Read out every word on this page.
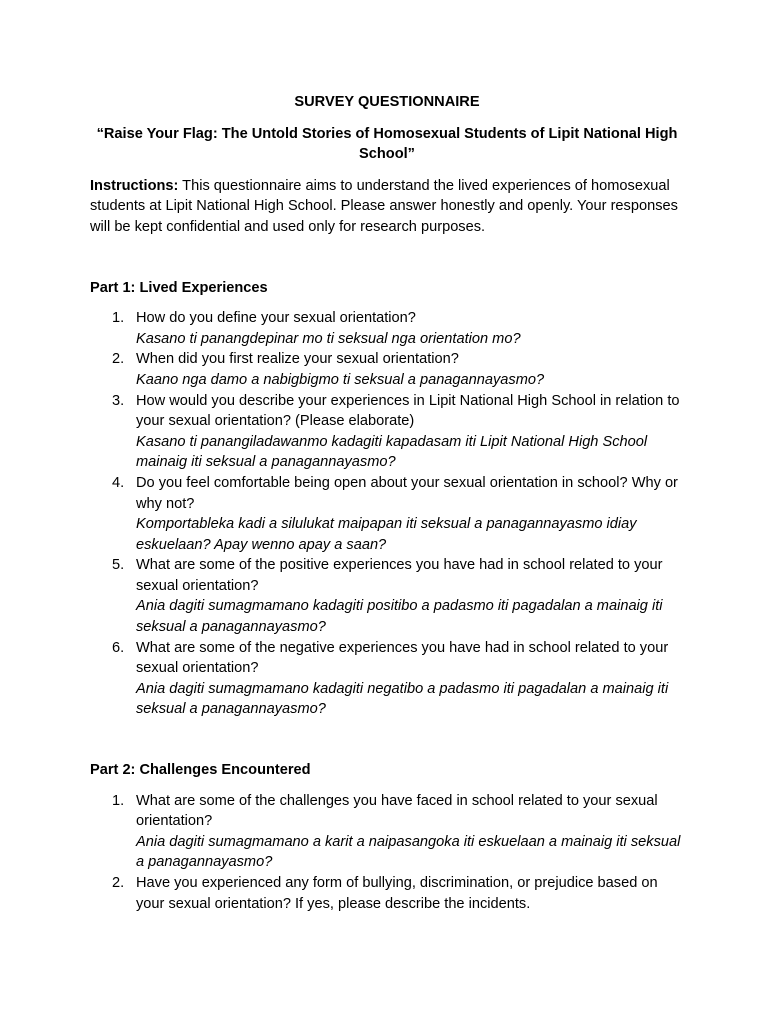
SURVEY QUESTIONNAIRE

“Raise Your Flag: The Untold Stories of Homosexual Students of Lipit National High School”

Instructions: This questionnaire aims to understand the lived experiences of homosexual students at Lipit National High School. Please answer honestly and openly. Your responses will be kept confidential and used only for research purposes.

Part 1: Lived Experiences

1. How do you define your sexual orientation?
Kasano ti panangdepinar mo ti seksual nga orientation mo?
2. When did you first realize your sexual orientation?
Kaano nga damo a nabigbigmo ti seksual a panagannayasmo?
3. How would you describe your experiences in Lipit National High School in relation to your sexual orientation? (Please elaborate)
Kasano ti panangiladawanmo kadagiti kapadasam iti Lipit National High School mainaig iti seksual a panagannayasmo?
4. Do you feel comfortable being open about your sexual orientation in school? Why or why not?
Komportableka kadi a silulukat maipapan iti seksual a panagannayasmo idiay eskuelaan? Apay wenno apay a saan?
5. What are some of the positive experiences you have had in school related to your sexual orientation?
Ania dagiti sumagmamano kadagiti positibo a padasmo iti pagadalan a mainaig iti seksual a panagannayasmo?
6. What are some of the negative experiences you have had in school related to your sexual orientation?
Ania dagiti sumagmamano kadagiti negatibo a padasmo iti pagadalan a mainaig iti seksual a panagannayasmo?

Part 2: Challenges Encountered

1. What are some of the challenges you have faced in school related to your sexual orientation?
Ania dagiti sumagmamano a karit a naipasangoka iti eskuelaan a mainaig iti seksual a panagannayasmo?
2. Have you experienced any form of bullying, discrimination, or prejudice based on your sexual orientation? If yes, please describe the incidents.
